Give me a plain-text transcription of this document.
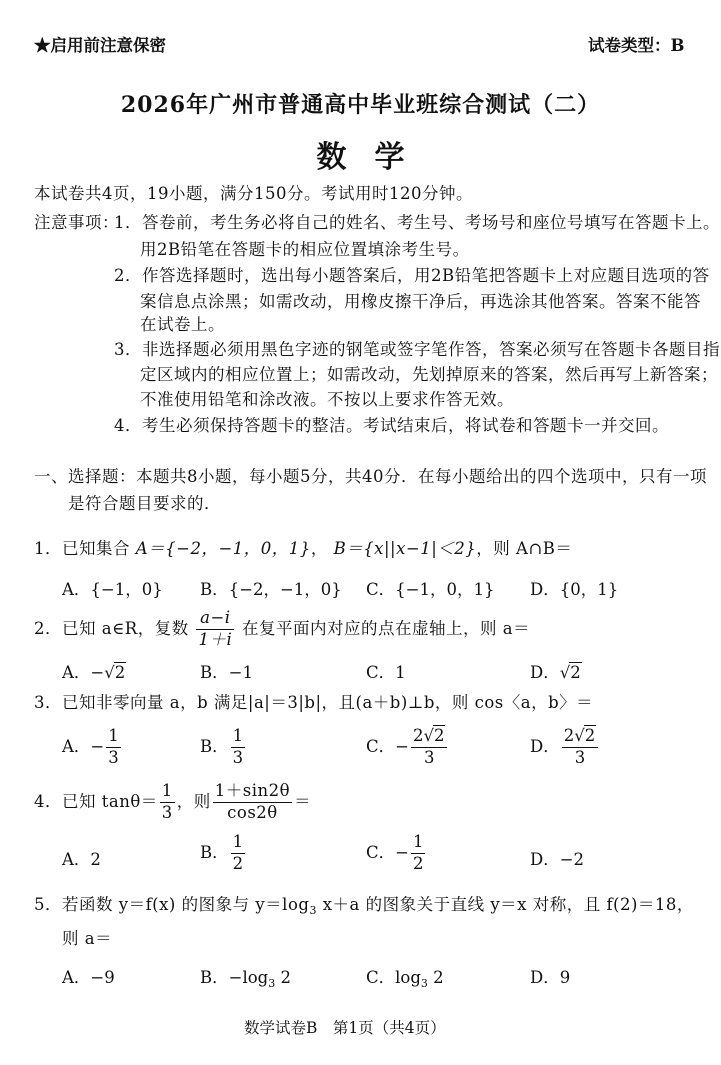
★启用前注意保密	试卷类型：B
2026年广州市普通高中毕业班综合测试（二）
数学
本试卷共4页，19小题，满分150分。考试用时120分钟。
注意事项：
1．答卷前，考生务必将自己的姓名、考生号、考场号和座位号填写在答题卡上。
用2B铅笔在答题卡的相应位置填涂考生号。
2．作答选择题时，选出每小题答案后，用2B铅笔把答题卡上对应题目选项的答
案信息点涂黑；如需改动，用橡皮擦干净后，再选涂其他答案。答案不能答
在试卷上。
3．非选择题必须用黑色字迹的钢笔或签字笔作答，答案必须写在答题卡各题目指
定区域内的相应位置上；如需改动，先划掉原来的答案，然后再写上新答案；
不准使用铅笔和涂改液。不按以上要求作答无效。
4．考生必须保持答题卡的整洁。考试结束后，将试卷和答题卡一并交回。
一、选择题：本题共8小题，每小题5分，共40分．在每小题给出的四个选项中，只有一项
是符合题目要求的．
1．已知集合 A＝{−2，−1，0，1}， B＝{x||x−1|＜2}，则 A∩B＝
A．{−1，0} B．{−2，−1，0} C．{−1，0，1} D．{0，1}
2．已知 a∈R，复数 $\frac{a-i}{1+i}$ 在复平面内对应的点在虚轴上，则 a＝
A．−√2	B．−1	C．1	D．√2
3．已知非零向量 a，b 满足|a|＝3|b|，且(a＋b)⊥b，则 cos〈a，b〉＝
A．− $\frac{1}{3}$	B． $\frac{1}{3}$	C．− $\frac{2√2}{3}$	D． $\frac{2√2}{3}$
4．已知 $\tan\theta= \frac{1}{3}$ ，则 $\frac{1+\sin 2\theta}{\cos 2\theta}$ ＝
A．2	B． $\frac{1}{2}$	C．− $\frac{1}{2}$	D．−2
5．若函数 y＝f(x) 的图象与 $y=\log_3$ x＋a 的图象关于直线 y＝x 对称，且 f(2)＝18，
则 a＝
A．−9	B．$-\log_3$ 2	C．$\log_3 2$	D．9
数学试卷B　第1页（共4页）
